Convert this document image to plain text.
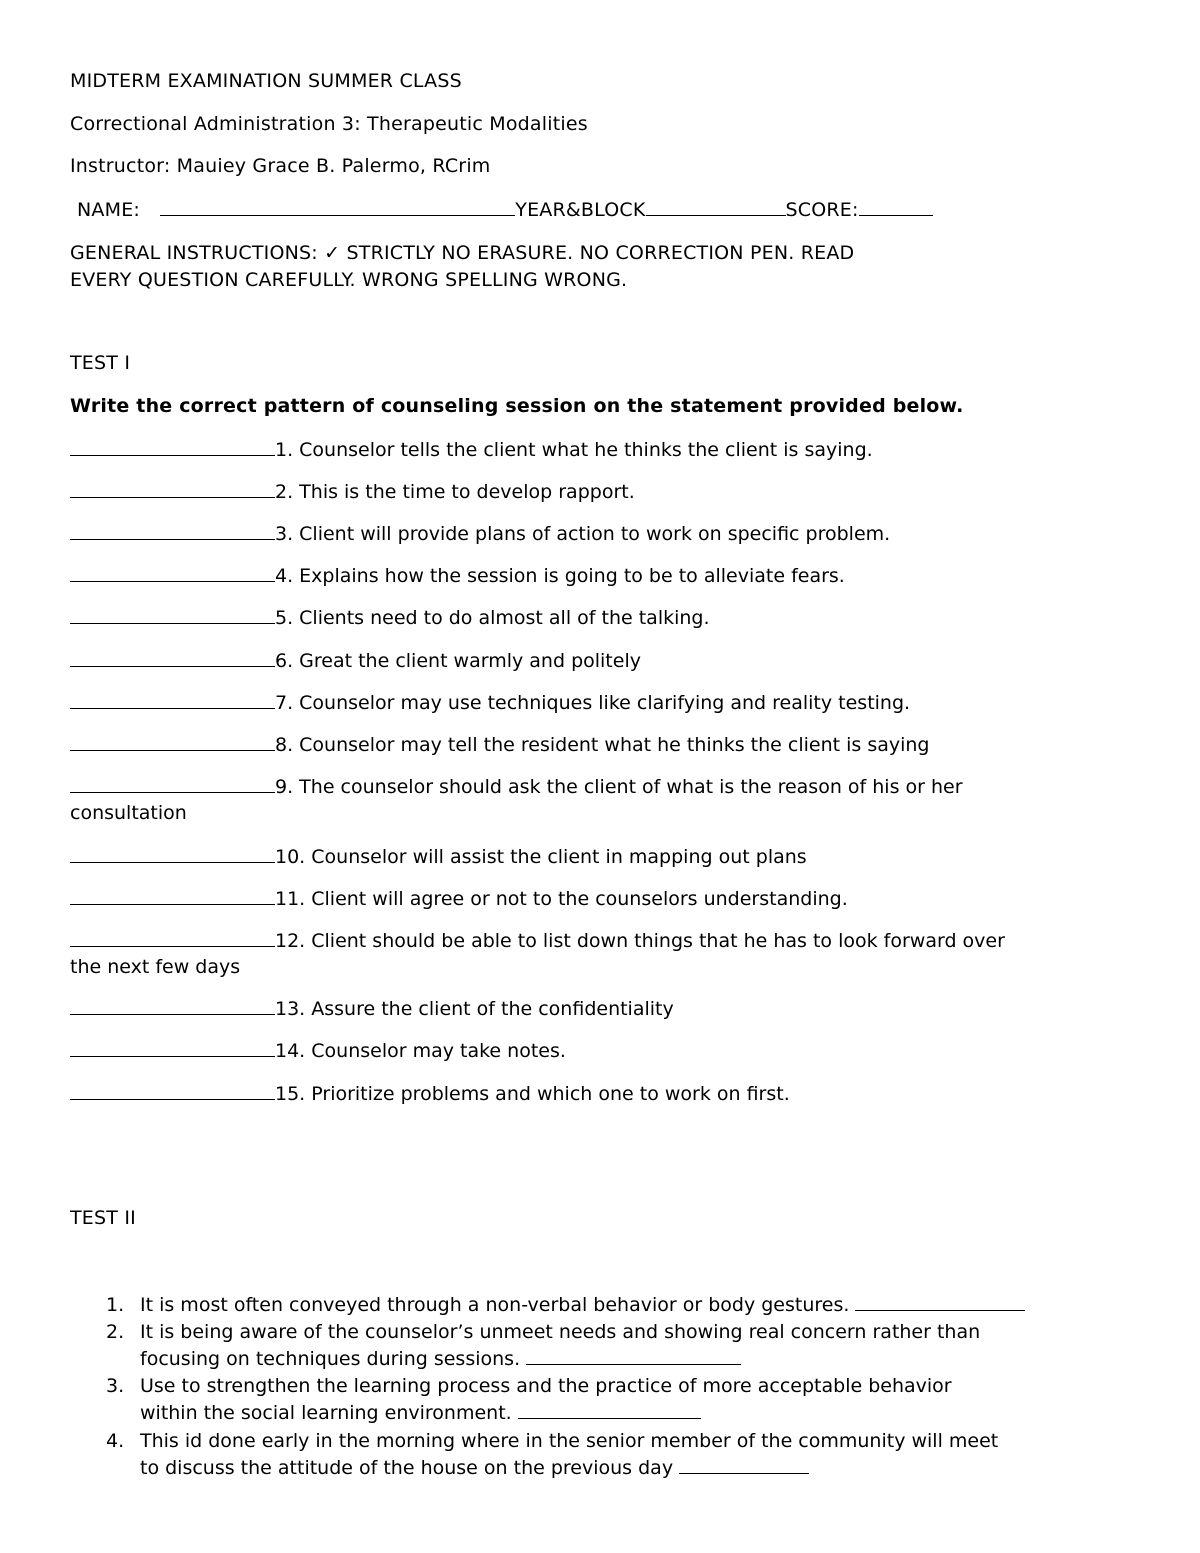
MIDTERM EXAMINATION SUMMER CLASS
Correctional Administration 3: Therapeutic Modalities
Instructor: Mauiey Grace B. Palermo, RCrim
NAME:	YEAR&BLOCK	SCORE:
GENERAL INSTRUCTIONS: ✓ STRICTLY NO ERASURE. NO CORRECTION PEN. READ
EVERY QUESTION CAREFULLY. WRONG SPELLING WRONG.
TEST I
Write the correct pattern of counseling session on the statement provided below.
1. Counselor tells the client what he thinks the client is saying.
2. This is the time to develop rapport.
3. Client will provide plans of action to work on specific problem.
4. Explains how the session is going to be to alleviate fears.
5. Clients need to do almost all of the talking.
6. Great the client warmly and politely
7. Counselor may use techniques like clarifying and reality testing.
8. Counselor may tell the resident what he thinks the client is saying
9. The counselor should ask the client of what is the reason of his or her
consultation
10. Counselor will assist the client in mapping out plans
11. Client will agree or not to the counselors understanding.
12. Client should be able to list down things that he has to look forward over
the next few days
13. Assure the client of the confidentiality
14. Counselor may take notes.
15. Prioritize problems and which one to work on first.
TEST II
1. It is most often conveyed through a non-verbal behavior or body gestures.
2. It is being aware of the counselor’s unmeet needs and showing real concern rather than
focusing on techniques during sessions.
3. Use to strengthen the learning process and the practice of more acceptable behavior
within the social learning environment.
4. This id done early in the morning where in the senior member of the community will meet
to discuss the attitude of the house on the previous day
